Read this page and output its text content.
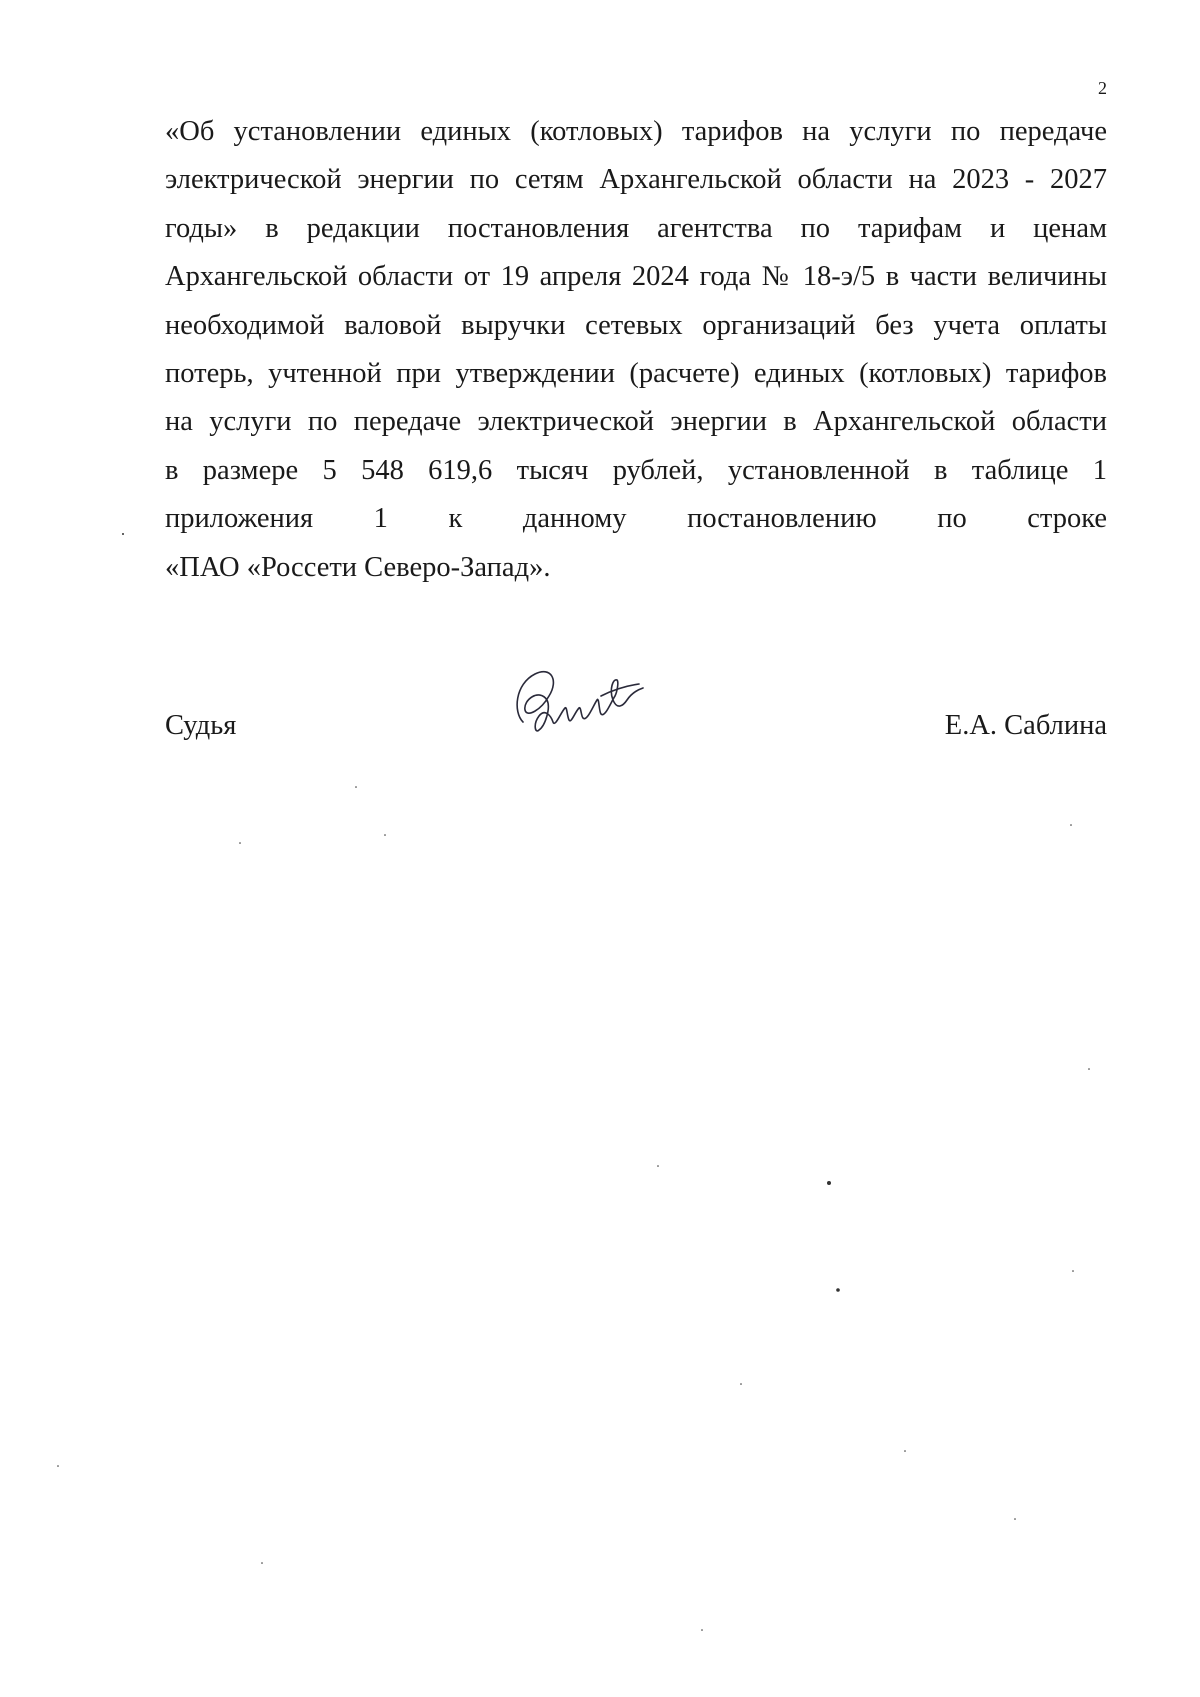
2
«Об установлении единых (котловых) тарифов на услуги по передаче
электрической энергии по сетям Архангельской области на 2023 - 2027
годы» в редакции постановления агентства по тарифам и ценам
Архангельской области от 19 апреля 2024 года № 18-э/5 в части величины
необходимой валовой выручки сетевых организаций без учета оплаты
потерь, учтенной при утверждении (расчете) единых (котловых) тарифов
на услуги по передаче электрической энергии в Архангельской области
в размере 5 548 619,6 тысяч рублей, установленной в таблице 1
приложения 1 к данному постановлению по строке
«ПАО «Россети Северо-Запад».
Судья	Е.А. Саблина
